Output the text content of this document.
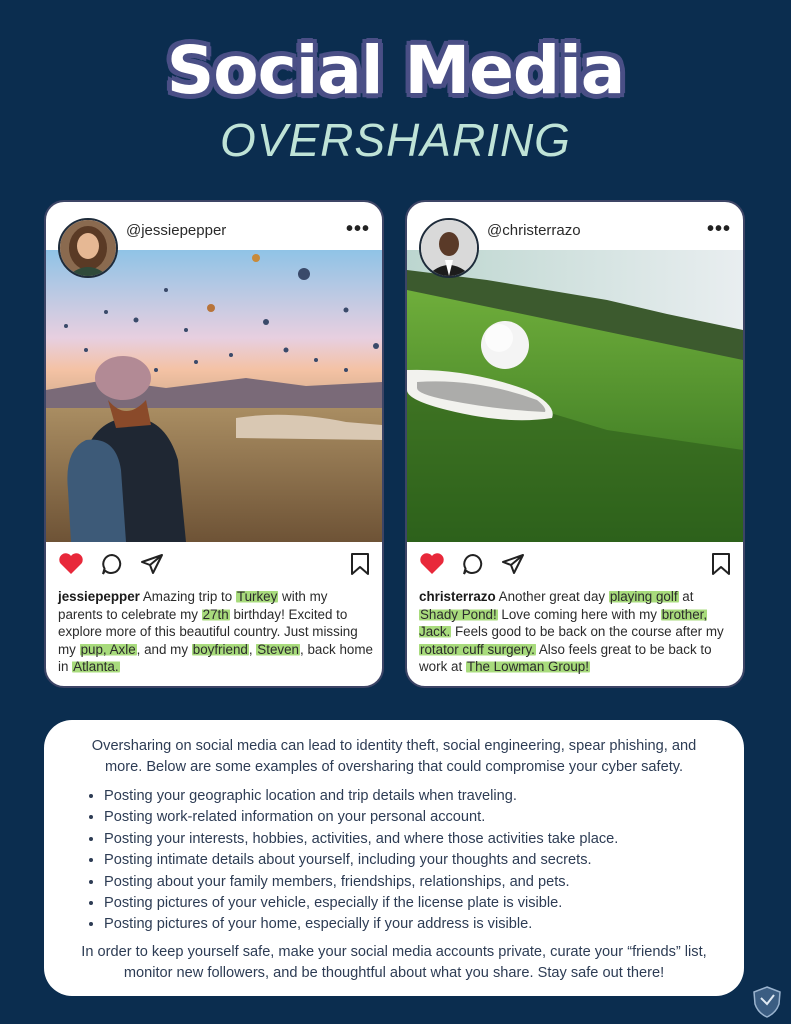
Social Media
OVERSHARING
@jessiepepper	•••
jessiepepper Amazing trip to Turkey with my parents to celebrate my 27th birthday! Excited to explore more of this beautiful country. Just missing my pup, Axle, and my boyfriend, Steven, back home in Atlanta.
@christerrazo	•••
christerrazo Another great day playing golf at Shady Pond! Love coming here with my brother, Jack. Feels good to be back on the course after my rotator cuff surgery. Also feels great to be back to work at The Lowman Group!
Oversharing on social media can lead to identity theft, social engineering, spear phishing, and more. Below are some examples of oversharing that could compromise your cyber safety.
• Posting your geographic location and trip details when traveling.
• Posting work-related information on your personal account.
• Posting your interests, hobbies, activities, and where those activities take place.
• Posting intimate details about yourself, including your thoughts and secrets.
• Posting about your family members, friendships, relationships, and pets.
• Posting pictures of your vehicle, especially if the license plate is visible.
• Posting pictures of your home, especially if your address is visible.
In order to keep yourself safe, make your social media accounts private, curate your “friends” list, monitor new followers, and be thoughtful about what you share. Stay safe out there!
